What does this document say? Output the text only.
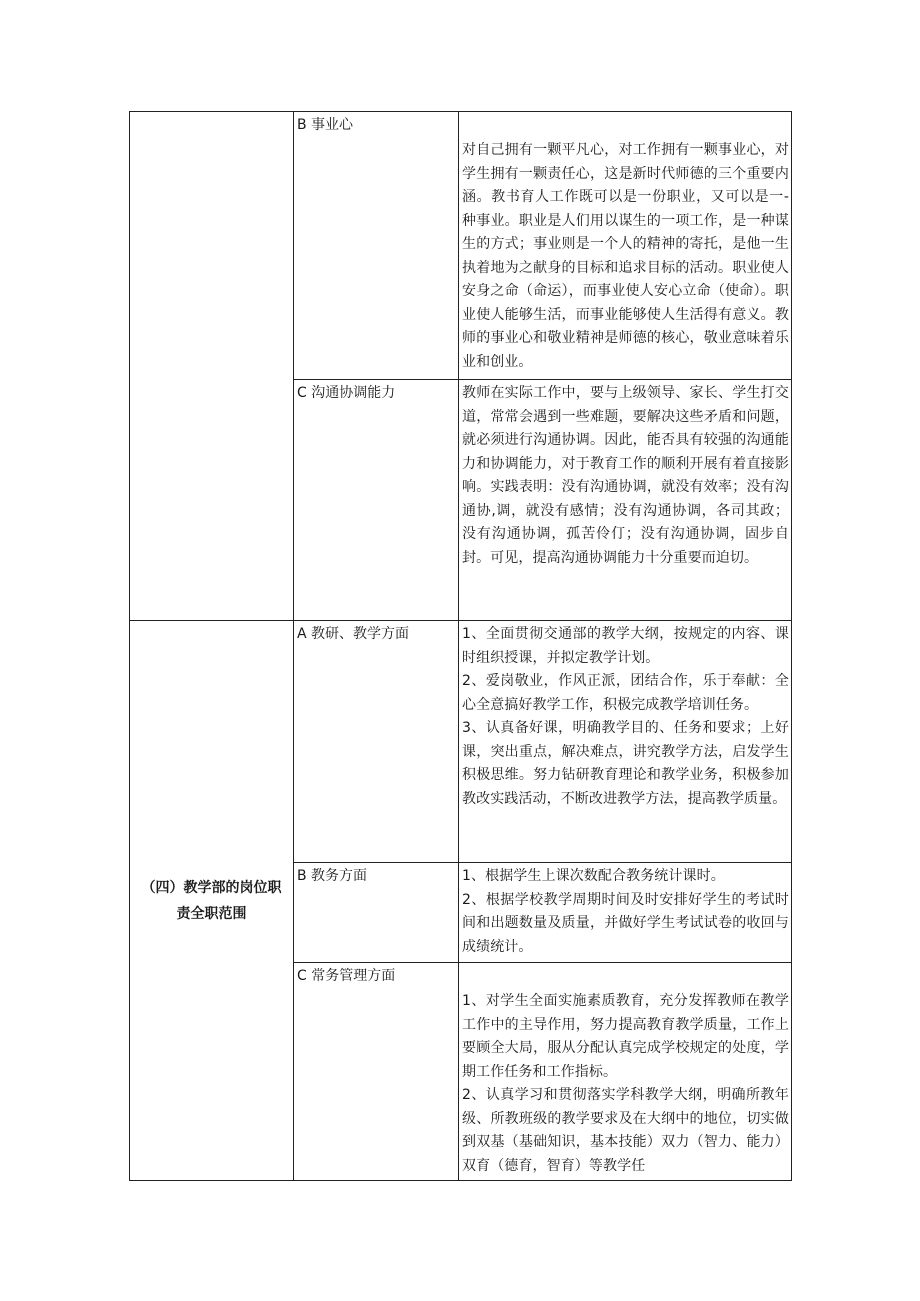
	B 事业心	对自己拥有一颗平凡心，对工作拥有一颗事业心，对学生拥有一颗责任心，这是新时代师德的三个重要内涵。教书育人工作既可以是一份职业，又可以是一-种事业。职业是人们用以谋生的一项工作，是一种谋生的方式；事业则是一个人的精神的寄托，是他一生执着地为之献身的目标和追求目标的活动。职业使人安身之命（命运），而事业使人安心立命（使命）。职业使人能够生活，而事业能够使人生活得有意义。教师的事业心和敬业精神是师德的核心，敬业意味着乐业和创业。

	C 沟通协调能力	教师在实际工作中，要与上级领导、家长、学生打交道，常常会遇到一些难题，要解决这些矛盾和问题，就必须进行沟通协调。因此，能否具有较强的沟通能力和协调能力，对于教育工作的顺利开展有着直接影响。实践表明：没有沟通协调，就没有效率；没有沟通协,调，就没有感情；没有沟通协调，各司其政；没有沟通协调，孤苦伶仃；没有沟通协调，固步自封。可见，提高沟通协调能力十分重要而迫切。

（四）教学部的岗位职责全职范围	A 教研、教学方面	1、全面贯彻交通部的教学大纲，按规定的内容、课时组织授课，并拟定教学计划。

2、爱岗敬业，作风正派，团结合作，乐于奉献：全心全意搞好教学工作，积极完成教学培训任务。

3、认真备好课，明确教学目的、任务和要求；上好课，突出重点，解决难点，讲究教学方法，启发学生积极思维。努力钻研教育理论和教学业务，积极参加教改实践活动，不断改进教学方法，提高教学质量。

	B 教务方面	1、根据学生上课次数配合教务统计课时。

2、根据学校教学周期时间及时安排好学生的考试时间和出题数量及质量，并做好学生考试试卷的收回与成绩统计。

	C 常务管理方面	1、对学生全面实施素质教育，充分发挥教师在教学工作中的主导作用，努力提高教育教学质量，工作上要顾全大局，服从分配认真完成学校规定的处度，学期工作任务和工作指标。

2、认真学习和贯彻落实学科教学大纲，明确所教年级、所教班级的教学要求及在大纲中的地位，切实做到双基（基础知识，基本技能）双力（智力、能力）双育（德育，智育）等教学任
